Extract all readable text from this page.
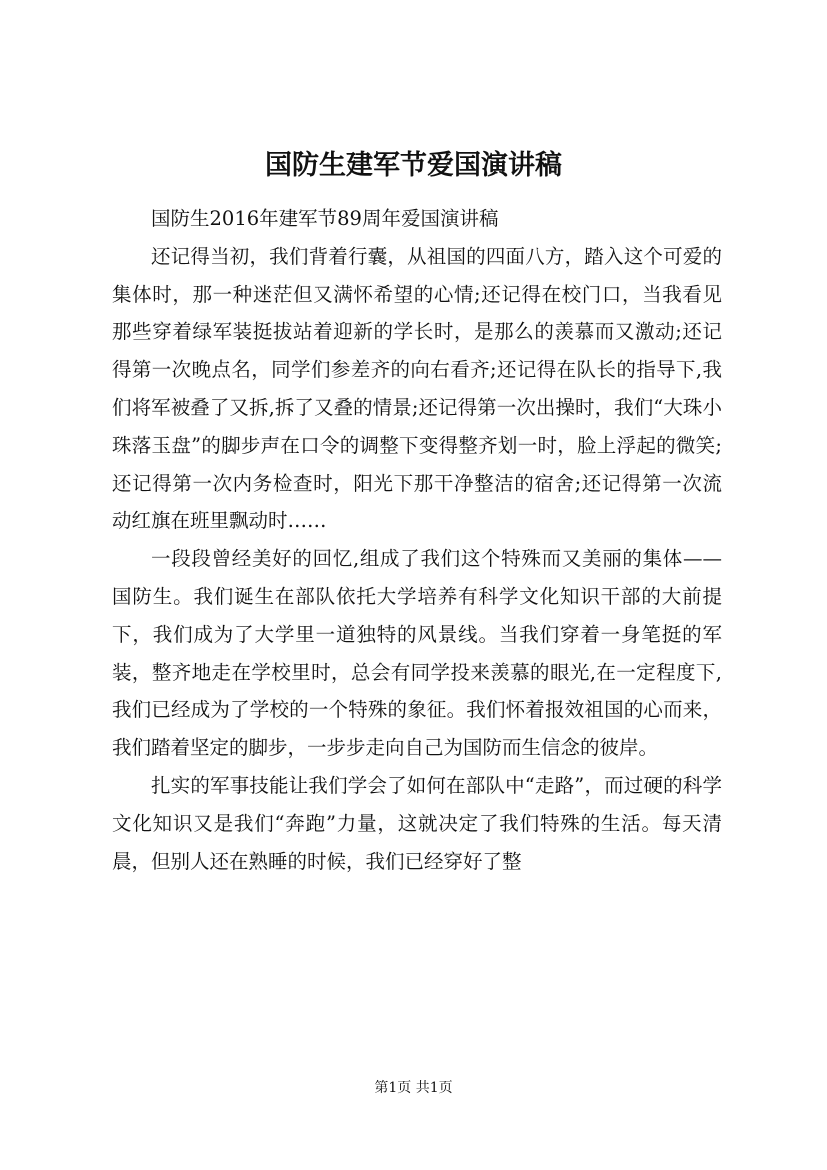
国防生建军节爱国演讲稿

国防生2016年建军节89周年爱国演讲稿

还记得当初，我们背着行囊，从祖国的四面八方，踏入这个可爱的集体时，那一种迷茫但又满怀希望的心情;还记得在校门口，当我看见那些穿着绿军装挺拔站着迎新的学长时，是那么的羡慕而又激动;还记得第一次晚点名，同学们参差齐的向右看齐;还记得在队长的指导下,我们将军被叠了又拆,拆了又叠的情景;还记得第一次出操时，我们“大珠小珠落玉盘”的脚步声在口令的调整下变得整齐划一时，脸上浮起的微笑;还记得第一次内务检查时，阳光下那干净整洁的宿舍;还记得第一次流动红旗在班里飘动时……

一段段曾经美好的回忆,组成了我们这个特殊而又美丽的集体——国防生。我们诞生在部队依托大学培养有科学文化知识干部的大前提下，我们成为了大学里一道独特的风景线。当我们穿着一身笔挺的军装，整齐地走在学校里时，总会有同学投来羡慕的眼光,在一定程度下,我们已经成为了学校的一个特殊的象征。我们怀着报效祖国的心而来，我们踏着坚定的脚步，一步步走向自己为国防而生信念的彼岸。

扎实的军事技能让我们学会了如何在部队中“走路”，而过硬的科学文化知识又是我们“奔跑”力量，这就决定了我们特殊的生活。每天清晨，但别人还在熟睡的时候，我们已经穿好了整

第1页 共1页
